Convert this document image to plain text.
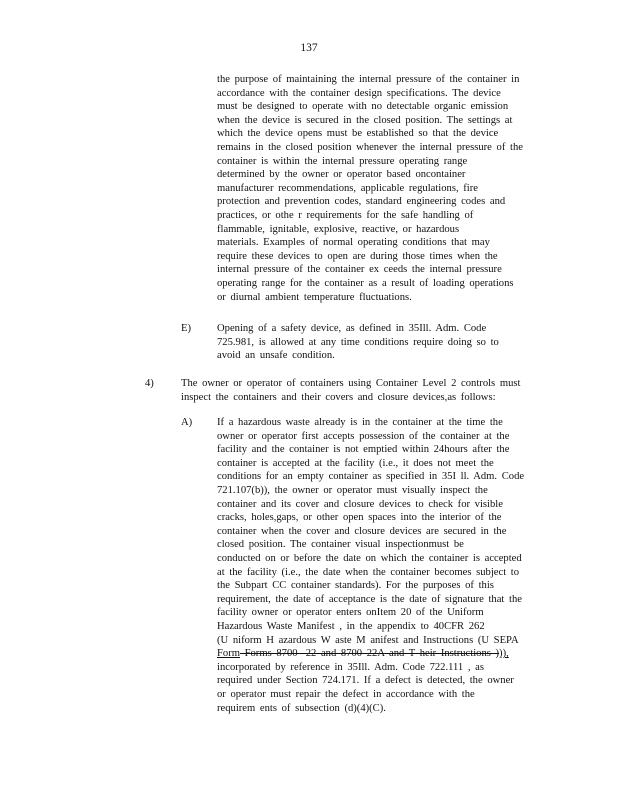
137
the purpose of maintaining the internal pressure of the container in
accordance with the container design specifications. The device
must be designed to operate with no detectable organic emission
when the device is secured in the closed position. The settings at
which the device opens must be established so that the device
remains in the closed position whenever the internal pressure of the
container is within the internal pressure operating range
determined by the owner or operator based oncontainer
manufacturer recommendations, applicable regulations, fire
protection and prevention codes, standard engineering codes and
practices, or othe r requirements for the safe handling of
flammable, ignitable, explosive, reactive, or hazardous
materials. Examples of normal operating conditions that may
require these devices to open are during those times when the
internal pressure of the container ex ceeds the internal pressure
operating range for the container as a result of loading operations
or diurnal ambient temperature fluctuations.
E) Opening of a safety device, as defined in 35Ill. Adm. Code
725.981, is allowed at any time conditions require doing so to
avoid an unsafe condition.
4)	The owner or operator of containers using Container Level 2 controls must
inspect the containers and their covers and closure devices,as follows:
A) If a hazardous waste already is in the container at the time the
owner or operator first accepts possession of the container at the
facility and the container is not emptied within 24hours after the
container is accepted at the facility (i.e., it does not meet the
conditions for an empty container as specified in 35I ll. Adm. Code
721.107(b)), the owner or operator must visually inspect the
container and its cover and closure devices to check for visible
cracks, holes,gaps, or other open spaces into the interior of the
container when the cover and closure devices are secured in the
closed position. The container visual inspectionmust be
conducted on or before the date on which the container is accepted
at the facility (i.e., the date when the container becomes subject to
the Subpart CC container standards). For the purposes of this
requirement, the date of acceptance is the date of signature that the
facility owner or operator enters onItem 20 of the Uniform
Hazardous Waste Manifest , in the appendix to 40CFR 262
(U niform H azardous W aste M anifest and Instructions (U SEPA
Form Forms 8700 -22 and 8700 22A and T heir Instructions ))),
incorporated by reference in 35Ill. Adm. Code 722.111 , as
required under Section 724.171. If a defect is detected, the owner
or operator must repair the defect in accordance with the
requirem ents of subsection (d)(4)(C).
